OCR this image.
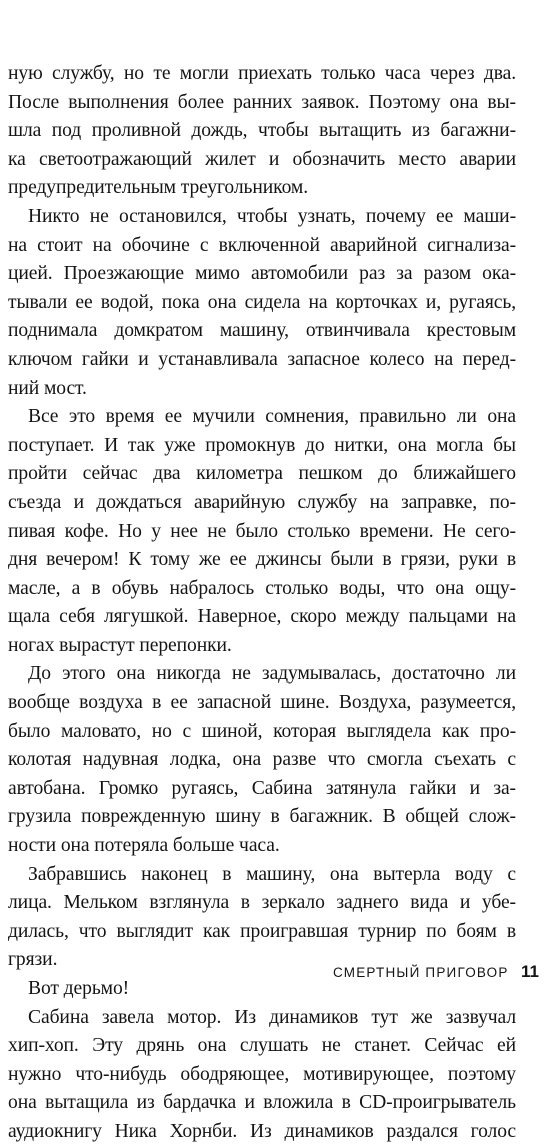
ную службу, но те могли приехать только часа через два.

После выполнения более ранних заявок. Поэтому она вы-

шла под проливной дождь, чтобы вытащить из багажни-

ка светоотражающий жилет и обозначить место аварии

предупредительным треугольником.

Никто не остановился, чтобы узнать, почему ее маши-

на стоит на обочине с включенной аварийной сигнализа-

цией. Проезжающие мимо автомобили раз за разом ока-

тывали ее водой, пока она сидела на корточках и, ругаясь,

поднимала домкратом машину, отвинчивала крестовым

ключом гайки и устанавливала запасное колесо на перед-

ний мост.

Все это время ее мучили сомнения, правильно ли она

поступает. И так уже промокнув до нитки, она могла бы

пройти сейчас два километра пешком до ближайшего

съезда и дождаться аварийную службу на заправке, по-

пивая кофе. Но у нее не было столько времени. Не сего-

дня вечером! К тому же ее джинсы были в грязи, руки в

масле, а в обувь набралось столько воды, что она ощу-

щала себя лягушкой. Наверное, скоро между пальцами на

ногах вырастут перепонки.

До этого она никогда не задумывалась, достаточно ли

вообще воздуха в ее запасной шине. Воздуха, разумеется,

было маловато, но с шиной, которая выглядела как про-

колотая надувная лодка, она разве что смогла съехать с

автобана. Громко ругаясь, Сабина затянула гайки и за-

грузила поврежденную шину в багажник. В общей слож-

ности она потеряла больше часа.

Забравшись наконец в машину, она вытерла воду с

лица. Мельком взглянула в зеркало заднего вида и убе-

дилась, что выглядит как проигравшая турнир по боям в

грязи.

Вот дерьмо!

Сабина завела мотор. Из динамиков тут же зазвучал

хип-хоп. Эту дрянь она слушать не станет. Сейчас ей

нужно что-нибудь ободряющее, мотивирующее, поэтому

она вытащила из бардачка и вложила в CD-проигрыватель

аудиокнигу Ника Хорнби. Из динамиков раздался голос

СМЕРТНЫЙ ПРИГОВОР 11
